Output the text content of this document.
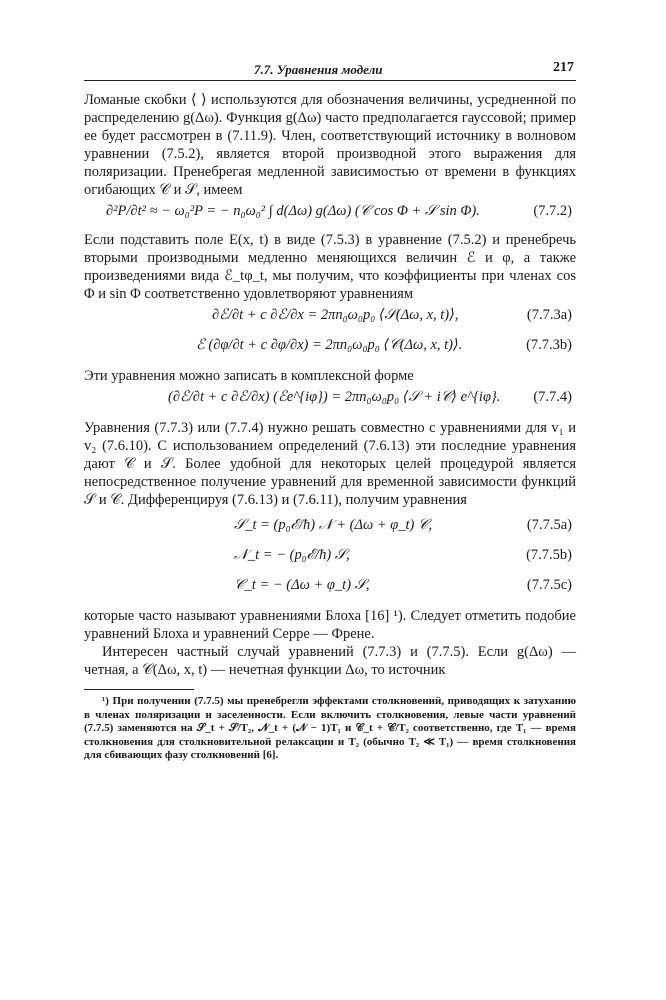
7.7. Уравнения модели	217

Ломаные скобки ⟨ ⟩ используются для обозначения величины, усредненной по распределению g(Δω). Функция g(Δω) часто предполагается гауссовой; пример ее будет рассмотрен в (7.11.9). Член, соответствующий источнику в волновом уравнении (7.5.2), является второй производной этого выражения для поляризации. Пренебрегая медленной зависимостью от времени в функциях огибающих 𝒞 и 𝒮, имеем

∂²P/∂t² ≈ − ω₀²P = − n₀ω₀² ∫ d(Δω) g(Δω) (𝒞 cos Φ + 𝒮 sin Φ).	(7.7.2)

Если подставить поле E(x, t) в виде (7.5.3) в уравнение (7.5.2) и пренебречь вторыми производными медленно меняющихся величин ℰ и φ, а также произведениями вида ℰ_tφ_t, мы получим, что коэффициенты при членах cos Φ и sin Φ соответственно удовлетворяют уравнениям

∂ℰ/∂t + c ∂ℰ/∂x = 2πn₀ω₀p₀ ⟨𝒮(Δω, x, t)⟩,	(7.7.3a)
ℰ (∂φ/∂t + c ∂φ/∂x) = 2πn₀ω₀p₀ ⟨𝒞(Δω, x, t)⟩.	(7.7.3b)

Эти уравнения можно записать в комплексной форме

(∂ℰ/∂t + c ∂ℰ/∂x) (ℰe^{iφ}) = 2πn₀ω₀p₀ ⟨𝒮 + i𝒞⟩ e^{iφ}. (7.7.4)

Уравнения (7.7.3) или (7.7.4) нужно решать совместно с уравнениями для v₁ и v₂ (7.6.10). С использованием определений (7.6.13) эти последние уравнения дают 𝒞 и 𝒮. Более удобной для некоторых целей процедурой является непосредственное получение уравнений для временной зависимости функций 𝒮 и 𝒞. Дифференцируя (7.6.13) и (7.6.11), получим уравнения

𝒮_t = (p₀ℰ/ħ) 𝒩 + (Δω + φ_t) 𝒞,	(7.7.5a)
𝒩_t = − (p₀ℰ/ħ) 𝒮,	(7.7.5b)
𝒞_t = − (Δω + φ_t) 𝒮,	(7.7.5c)

которые часто называют уравнениями Блоха [16] ¹). Следует отметить подобие уравнений Блоха и уравнений Серре — Френе.

Интересен частный случай уравнений (7.7.3) и (7.7.5). Если g(Δω) — четная, а 𝒞(Δω, x, t) — нечетная функции Δω, то источник

¹) При получении (7.7.5) мы пренебрегли эффектами столкновений, приводящих к затуханию в членах поляризации и заселенности. Если включить столкновения, левые части уравнений (7.7.5) заменяются на 𝒮_t + 𝒮/T₂, 𝒩_t + (𝒩 − 1)T₁ и 𝒞_t + 𝒞/T₂ соответственно, где T₁ — время столкновения для столкновительной релаксации и T₂ (обычно T₂ ≪ T₁) — время столкновения для сбивающих фазу столкновений [6].
